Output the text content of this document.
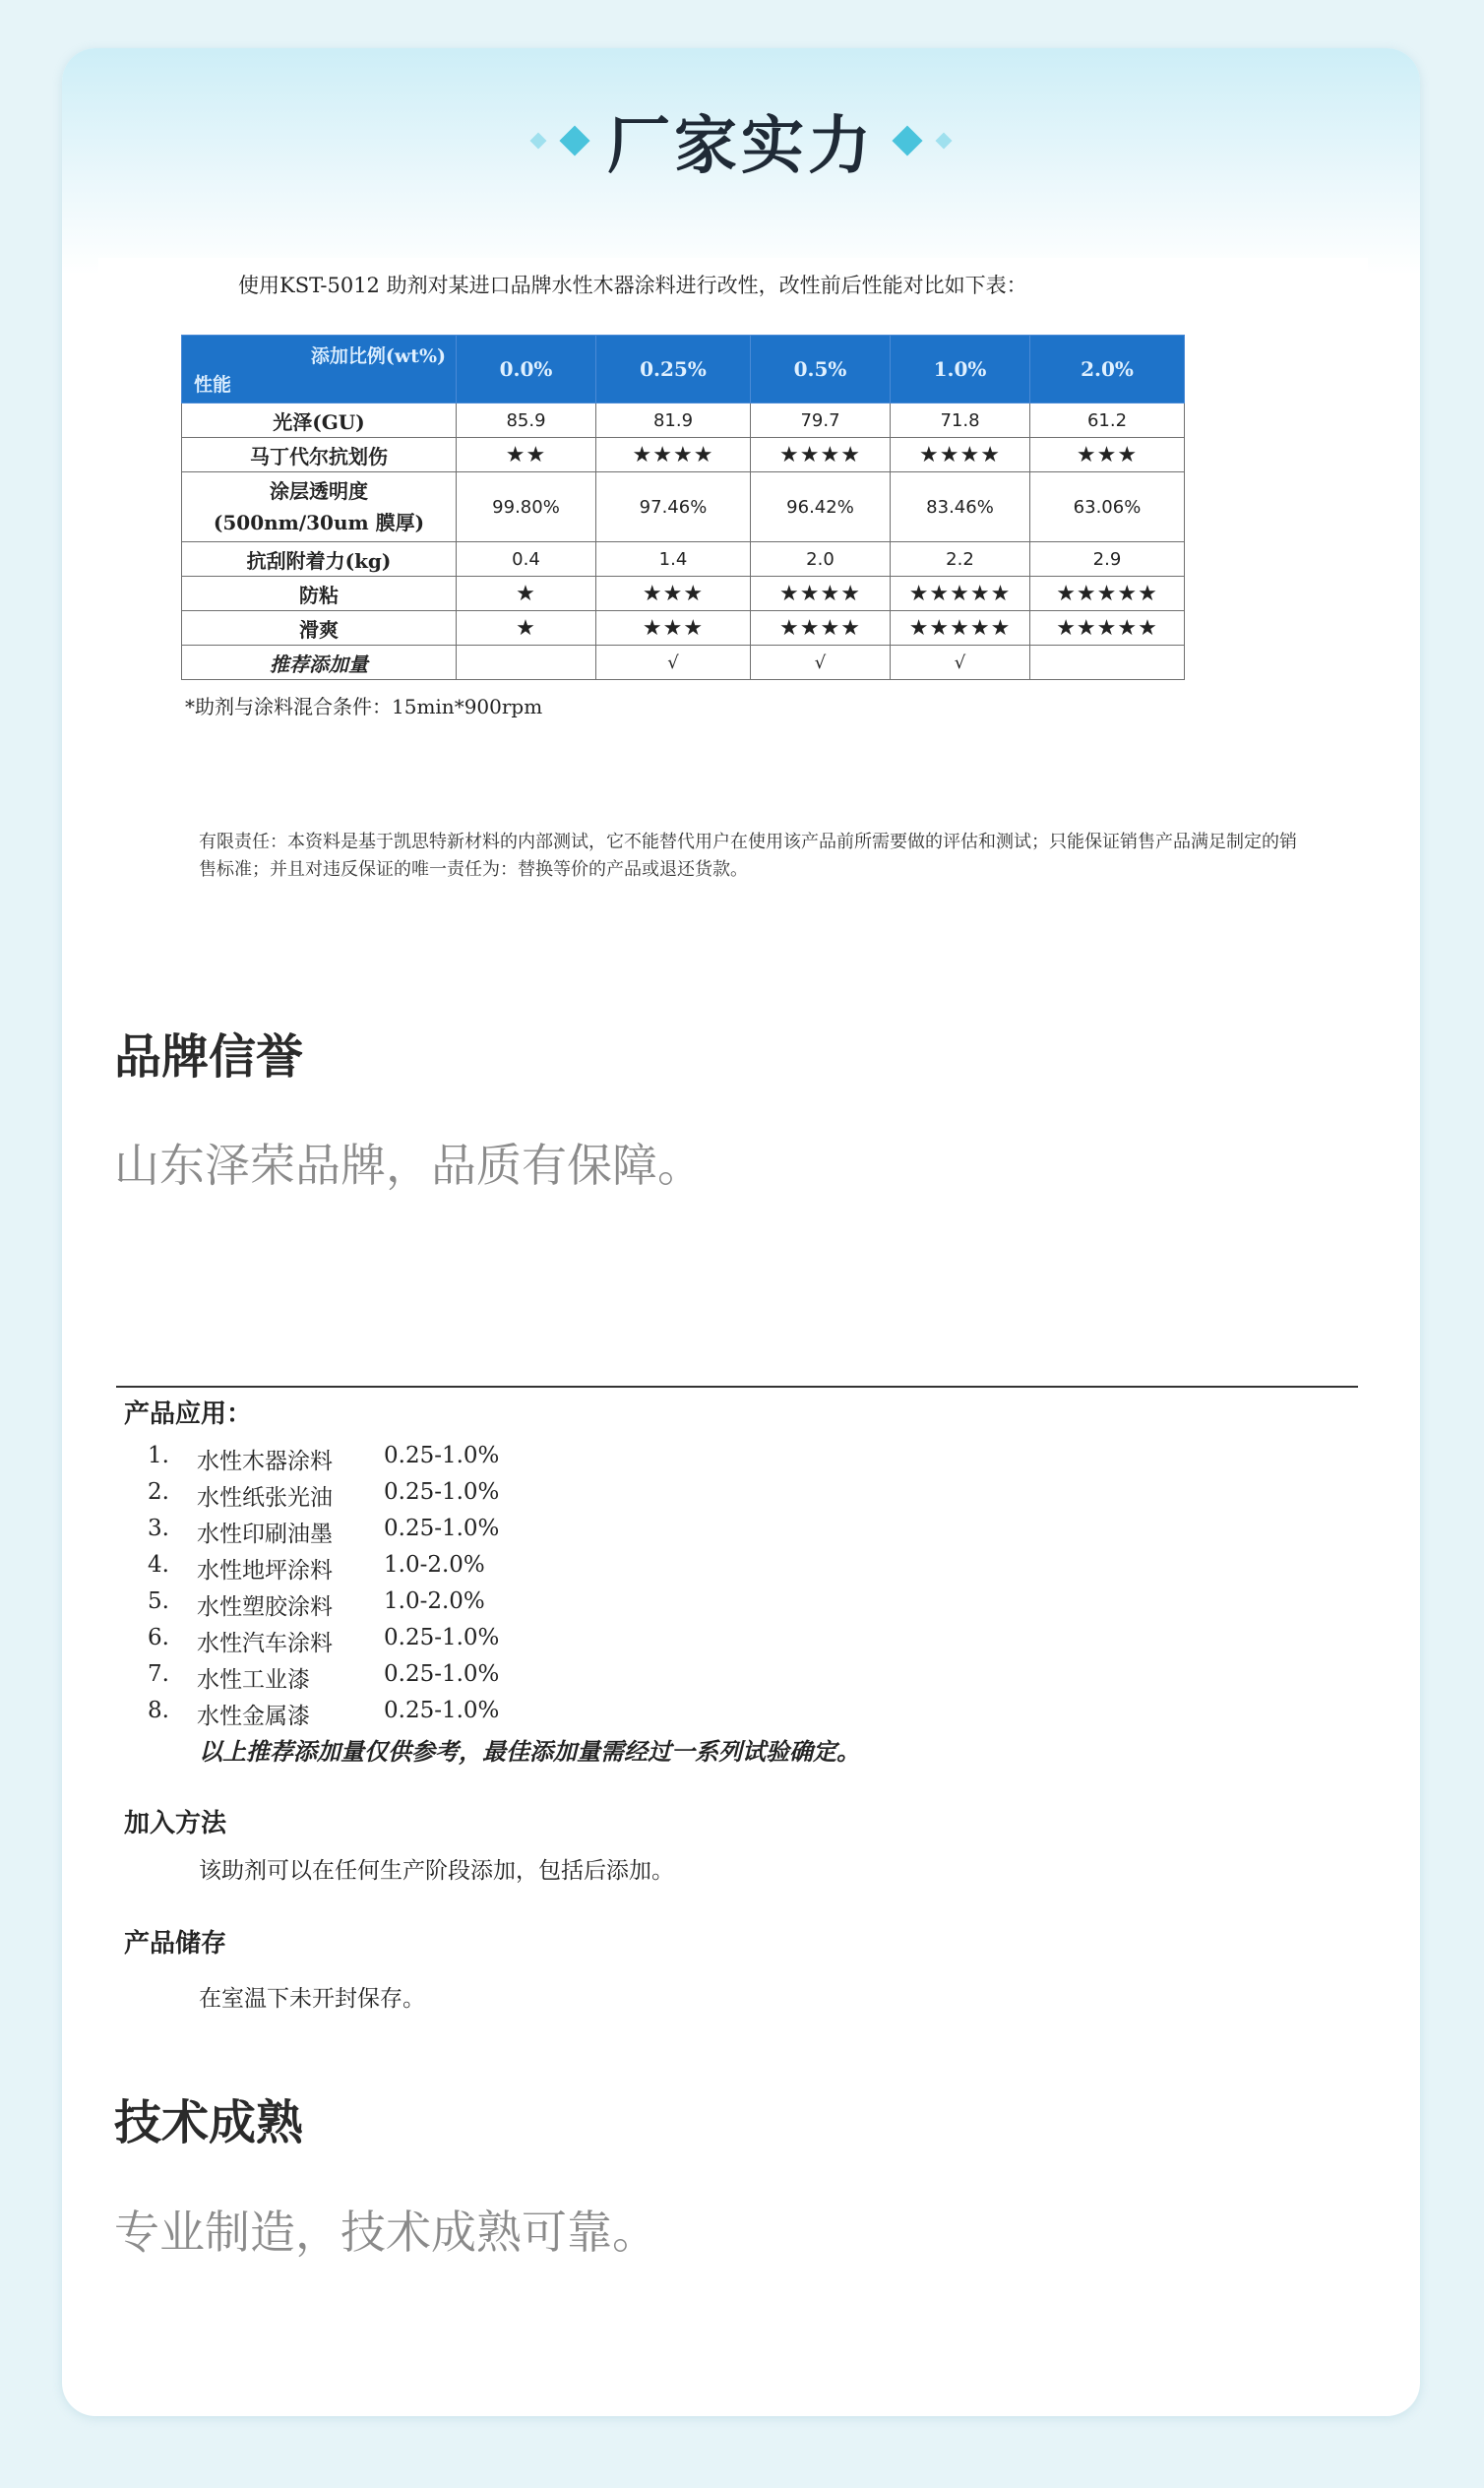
厂家实力
使用KST-5012 助剂对某进口品牌水性木器涂料进行改性，改性前后性能对比如下表：
添加比例(wt%)
性能	0.0%	0.25%	0.5%	1.0%	2.0%
光泽(GU)	85.9	81.9	79.7	71.8	61.2
马丁代尔抗划伤	★★	★★★★	★★★★	★★★★	★★★
涂层透明度
(500nm/30um 膜厚)	99.80%	97.46%	96.42%	83.46%	63.06%
抗刮附着力(kg)	0.4	1.4	2.0	2.2	2.9
防粘	★	★★★	★★★★	★★★★★	★★★★★
滑爽	★	★★★	★★★★	★★★★★	★★★★★
推荐添加量		√	√	√	
*助剂与涂料混合条件：15min*900rpm
有限责任：本资料是基于凯思特新材料的内部测试，它不能替代用户在使用该产品前所需要做的评估和测试；只能保证销售产品满足制定的销售标准；并且对违反保证的唯一责任为：替换等价的产品或退还货款。
品牌信誉
山东泽荣品牌，品质有保障。
产品应用：
1.	水性木器涂料	0.25-1.0%
2.	水性纸张光油	0.25-1.0%
3.	水性印刷油墨	0.25-1.0%
4.	水性地坪涂料	1.0-2.0%
5.	水性塑胶涂料	1.0-2.0%
6.	水性汽车涂料	0.25-1.0%
7.	水性工业漆	0.25-1.0%
8.	水性金属漆	0.25-1.0%
以上推荐添加量仅供参考，最佳添加量需经过一系列试验确定。
加入方法
该助剂可以在任何生产阶段添加，包括后添加。
产品储存
在室温下未开封保存。
技术成熟
专业制造，技术成熟可靠。
